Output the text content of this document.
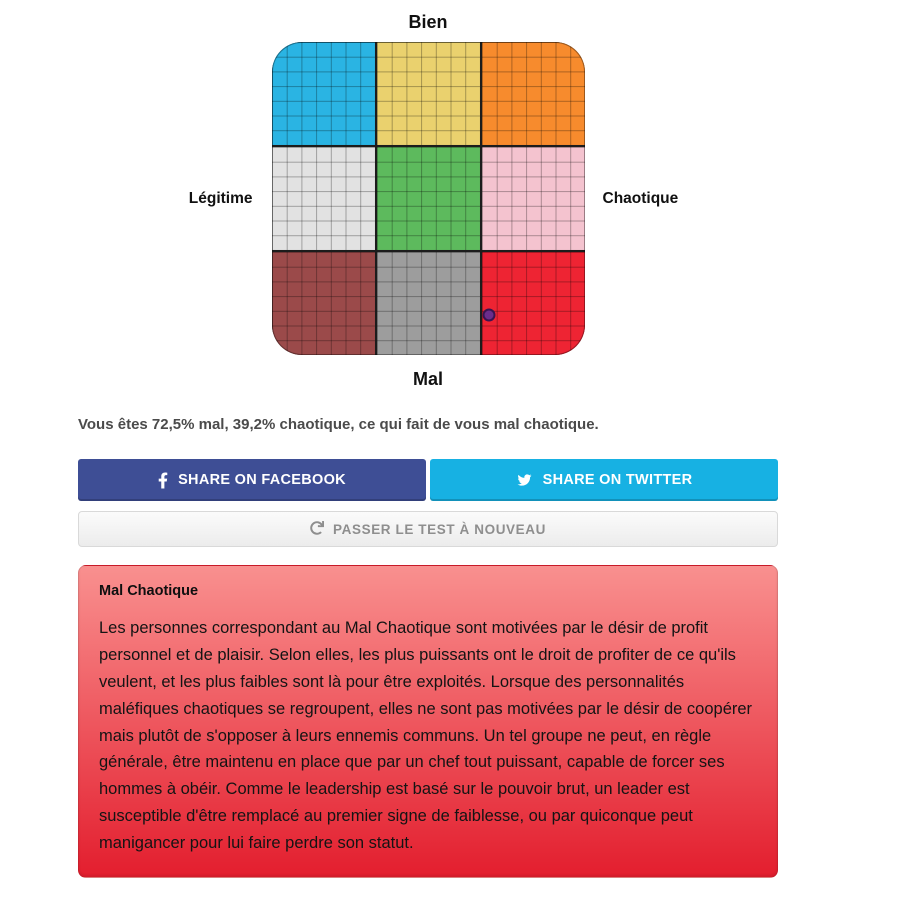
Bien
Légitime	Chaotique
Mal
Vous êtes 72,5% mal, 39,2% chaotique, ce qui fait de vous mal chaotique.
SHARE ON FACEBOOK	SHARE ON TWITTER
PASSER LE TEST À NOUVEAU
Mal Chaotique
Les personnes correspondant au Mal Chaotique sont motivées par le désir de profit personnel et de plaisir. Selon elles, les plus puissants ont le droit de profiter de ce qu'ils veulent, et les plus faibles sont là pour être exploités. Lorsque des personnalités maléfiques chaotiques se regroupent, elles ne sont pas motivées par le désir de coopérer mais plutôt de s'opposer à leurs ennemis communs. Un tel groupe ne peut, en règle générale, être maintenu en place que par un chef tout puissant, capable de forcer ses hommes à obéir. Comme le leadership est basé sur le pouvoir brut, un leader est susceptible d'être remplacé au premier signe de faiblesse, ou par quiconque peut manigancer pour lui faire perdre son statut.
